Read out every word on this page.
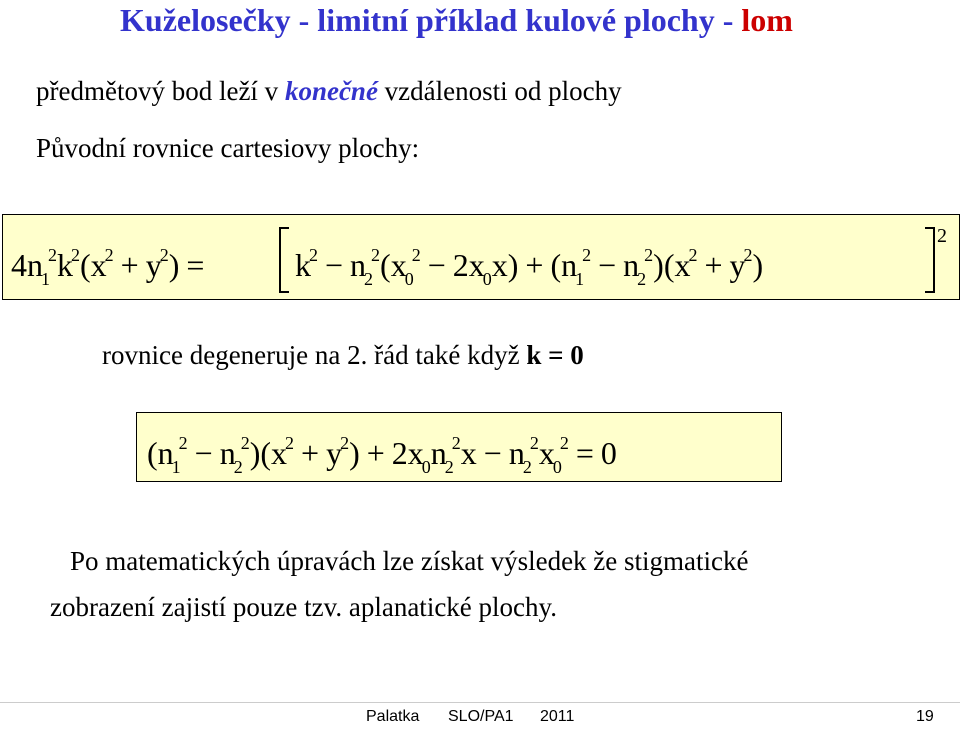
Kuželosečky - limitní příklad kulové plochy - lom

předmětový bod leží v konečné vzdálenosti od plochy

Původní rovnice cartesiovy plochy:

$4n_1^2k^2(x^2 + y^2)$ =	$k^2 - n_2^2(x_0^2 - 2x_0x) + (n_1^2 - n_2^2)(x^2 + y^2)$
2

rovnice degeneruje na 2. řád také když k = 0

$(n_1^2 - n_2^2)(x^2 + y^2) + 2x_0n_2^2x - n_2^2x_0^2 = 0$

Po matematických úpravách lze získat výsledek že stigmatické

zobrazení zajistí pouze tzv. aplanatické plochy.

Palatka SLO/PA1 2011	19
